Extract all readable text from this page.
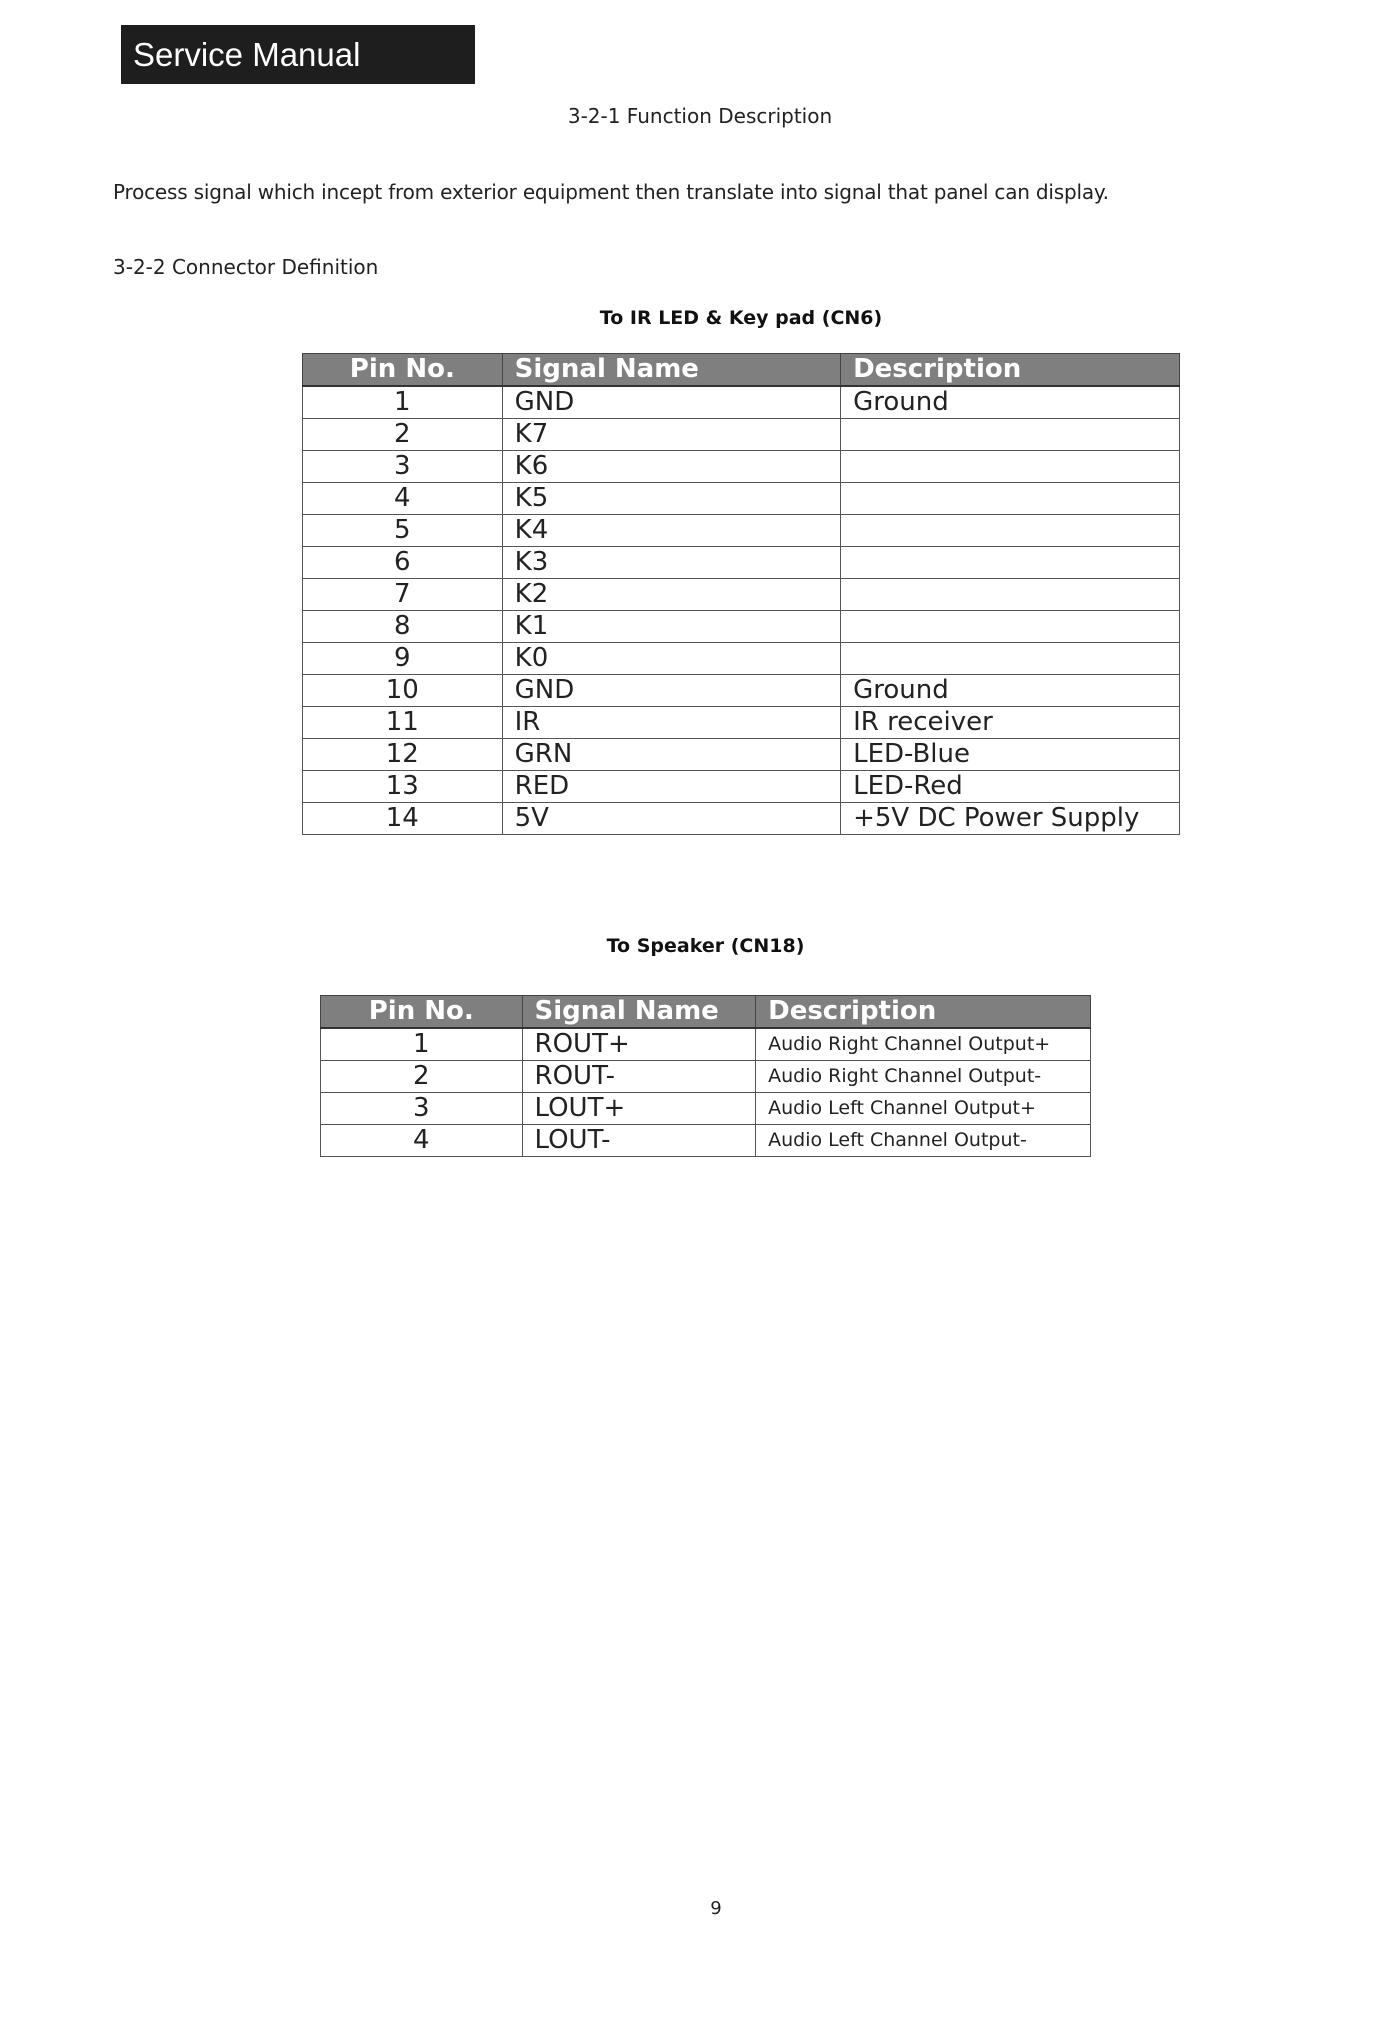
Service Manual
3-2-1 Function Description
Process signal which incept from exterior equipment then translate into signal that panel can display.
3-2-2 Connector Definition
To IR LED & Key pad (CN6)
Pin No.	Signal Name	Description
1	GND	Ground
2	K7	
3	K6	
4	K5	
5	K4	
6	K3	
7	K2	
8	K1	
9	K0	
10	GND	Ground
11	IR	IR receiver
12	GRN	LED-Blue
13	RED	LED-Red
14	5V	+5V DC Power Supply
To Speaker (CN18)
Pin No.	Signal Name	Description
1	ROUT+	Audio Right Channel Output+
2	ROUT-	Audio Right Channel Output-
3	LOUT+	Audio Left Channel Output+
4	LOUT-	Audio Left Channel Output-
9
